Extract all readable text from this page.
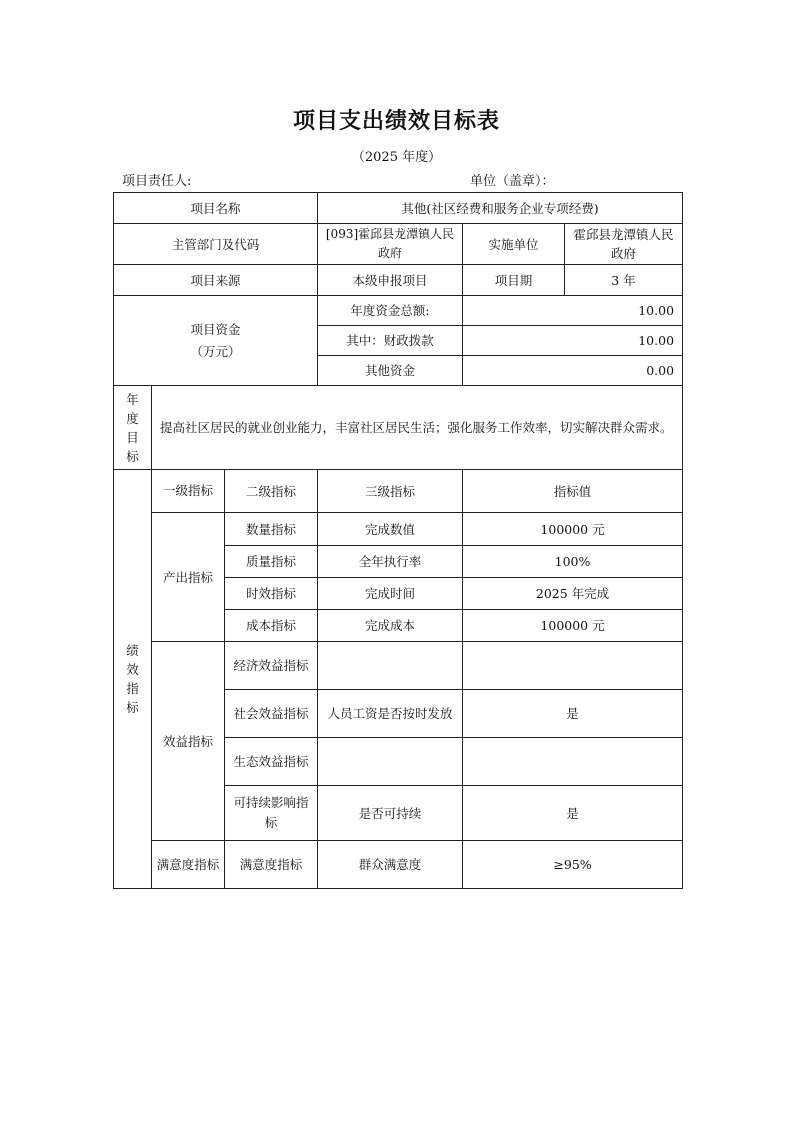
项目支出绩效目标表
（2025 年度）
项目责任人:	单位（盖章）：
项目名称			其他(社区经费和服务企业专项经费)		
主管部门及代码			[093]霍邱县龙潭镇人民政府	实施单位	霍邱县龙潭镇人民政府
项目来源			本级申报项目	项目期	3 年
项目资金
（万元）			年度资金总额:	10.00	
			其中：财政拨款	10.00	
			其他资金	0.00	

年
度
目
标	提高社区居民的就业创业能力，丰富社区居民生活；强化服务工作效率，切实解决群众需求。				

绩
效
指
标	一级指标	二级指标	三级指标	指标值	
	产出指标	数量指标	完成数值	100000 元	
		质量指标	全年执行率	100%	
		时效指标	完成时间	2025 年完成	
		成本指标	完成成本	100000 元	
	效益指标	经济效益指标			
		社会效益指标	人员工资是否按时发放	是	
		生态效益指标			
		可持续影响指标	是否可持续	是	
	满意度指标	满意度指标	群众满意度	≥95%	
